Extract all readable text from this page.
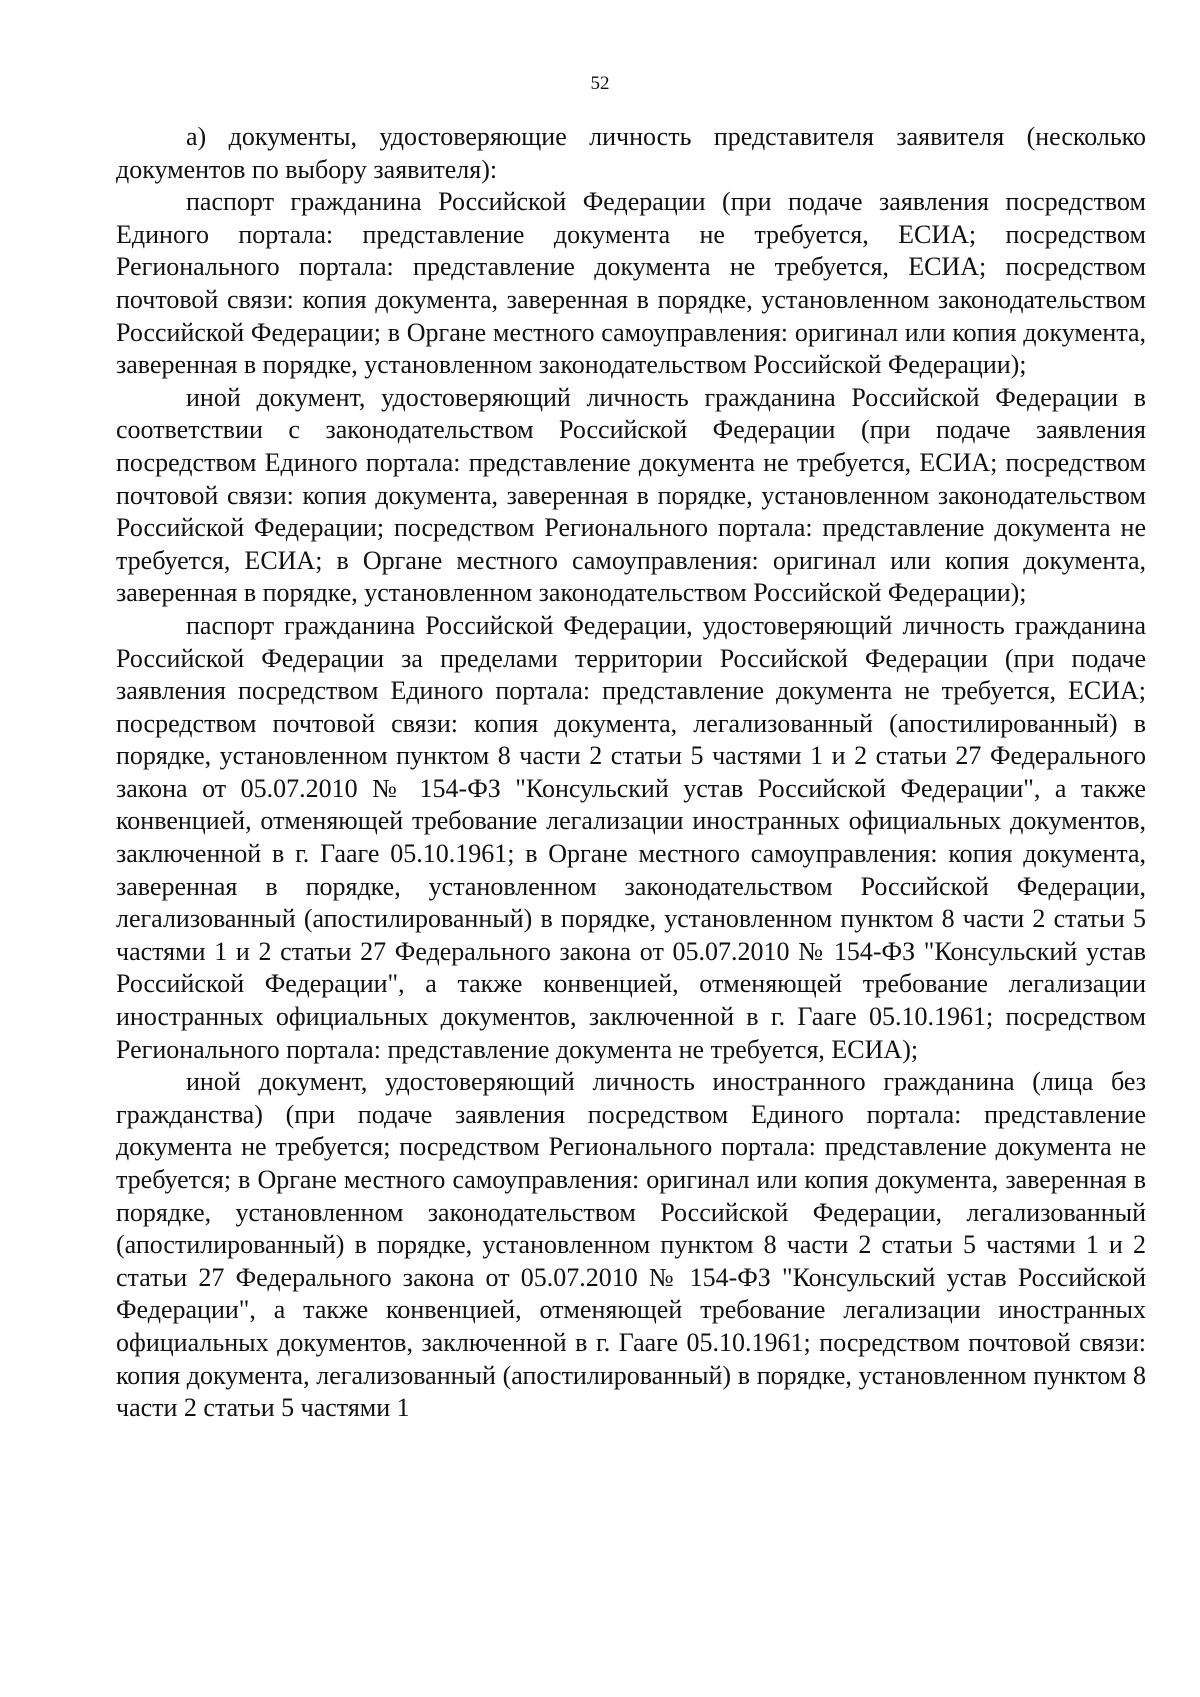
52

а) документы, удостоверяющие личность представителя заявителя (несколько документов по выбору заявителя):

паспорт гражданина Российской Федерации (при подаче заявления посредством Единого портала: представление документа не требуется, ЕСИА; посредством Регионального портала: представление документа не требуется, ЕСИА; посредством почтовой связи: копия документа, заверенная в порядке, установленном законодательством Российской Федерации; в Органе местного самоуправления: оригинал или копия документа, заверенная в порядке, установленном законодательством Российской Федерации);

иной документ, удостоверяющий личность гражданина Российской Федерации в соответствии с законодательством Российской Федерации (при подаче заявления посредством Единого портала: представление документа не требуется, ЕСИА; посредством почтовой связи: копия документа, заверенная в порядке, установленном законодательством Российской Федерации; посредством Регионального портала: представление документа не требуется, ЕСИА; в Органе местного самоуправления: оригинал или копия документа, заверенная в порядке, установленном законодательством Российской Федерации);

паспорт гражданина Российской Федерации, удостоверяющий личность гражданина Российской Федерации за пределами территории Российской Федерации (при подаче заявления посредством Единого портала: представление документа не требуется, ЕСИА; посредством почтовой связи: копия документа, легализованный (апостилированный) в порядке, установленном пунктом 8 части 2 статьи 5 частями 1 и 2 статьи 27 Федерального закона от 05.07.2010 № 154-ФЗ "Консульский устав Российской Федерации", а также конвенцией, отменяющей требование легализации иностранных официальных документов, заключенной в г. Гааге 05.10.1961; в Органе местного самоуправления: копия документа, заверенная в порядке, установленном законодательством Российской Федерации, легализованный (апостилированный) в порядке, установленном пунктом 8 части 2 статьи 5 частями 1 и 2 статьи 27 Федерального закона от 05.07.2010 № 154-ФЗ "Консульский устав Российской Федерации", а также конвенцией, отменяющей требование легализации иностранных официальных документов, заключенной в г. Гааге 05.10.1961; посредством Регионального портала: представление документа не требуется, ЕСИА);

иной документ, удостоверяющий личность иностранного гражданина (лица без гражданства) (при подаче заявления посредством Единого портала: представление документа не требуется; посредством Регионального портала: представление документа не требуется; в Органе местного самоуправления: оригинал или копия документа, заверенная в порядке, установленном законодательством Российской Федерации, легализованный (апостилированный) в порядке, установленном пунктом 8 части 2 статьи 5 частями 1 и 2 статьи 27 Федерального закона от 05.07.2010 № 154-ФЗ "Консульский устав Российской Федерации", а также конвенцией, отменяющей требование легализации иностранных официальных документов, заключенной в г. Гааге 05.10.1961; посредством почтовой связи: копия документа, легализованный (апостилированный) в порядке, установленном пунктом 8 части 2 статьи 5 частями 1
